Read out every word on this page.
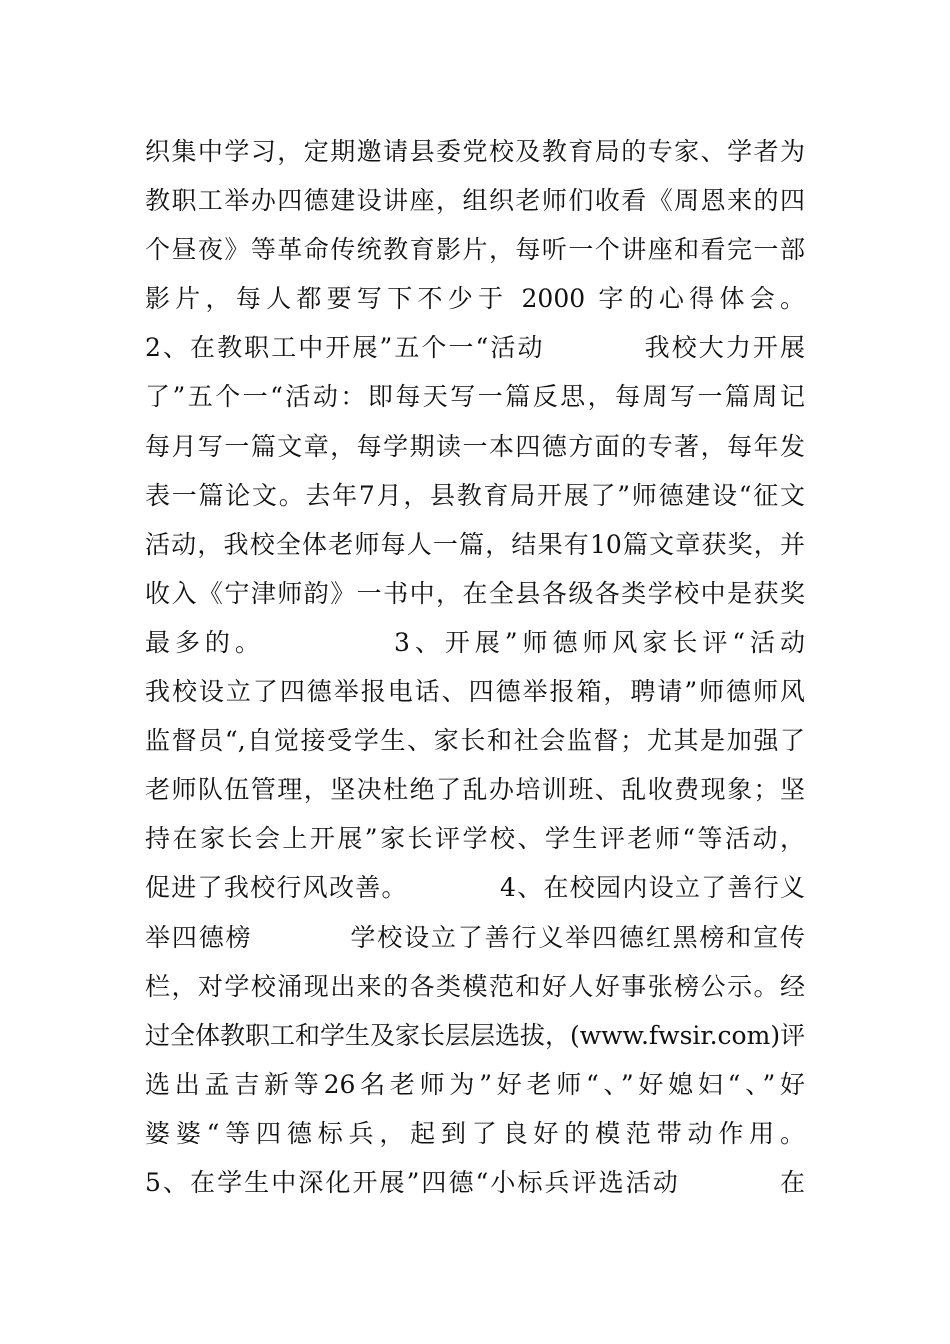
织集中学习，定期邀请县委党校及教育局的专家、学者为
教职工举办四德建设讲座，组织老师们收看《周恩来的四
个昼夜》等革命传统教育影片，每听一个讲座和看完一部
影片，每人都要写下不少于 2000 字的心得体会。
2、在教职工中开展”五个一“活动          我校大力开展
了”五个一“活动：即每天写一篇反思，每周写一篇周记
每月写一篇文章，每学期读一本四德方面的专著，每年发
表一篇论文。去年7月，县教育局开展了”师德建设“征文
活动，我校全体老师每人一篇，结果有10篇文章获奖，并
收入《宁津师韵》一书中，在全县各级各类学校中是获奖
最多的。          3、开展”师德师风家长评“活动
我校设立了四德举报电话、四德举报箱，聘请”师德师风
监督员“,自觉接受学生、家长和社会监督；尤其是加强了
老师队伍管理，坚决杜绝了乱办培训班、乱收费现象；坚
持在家长会上开展”家长评学校、学生评老师“等活动，
促进了我校行风改善。          4、在校园内设立了善行义
举四德榜          学校设立了善行义举四德红黑榜和宣传
栏，对学校涌现出来的各类模范和好人好事张榜公示。经
过全体教职工和学生及家长层层选拔，(www.fwsir.com)评
选出孟吉新等26名老师为”好老师“、”好媳妇“、”好
婆婆“等四德标兵，起到了良好的模范带动作用。
5、在学生中深化开展”四德“小标兵评选活动          在
